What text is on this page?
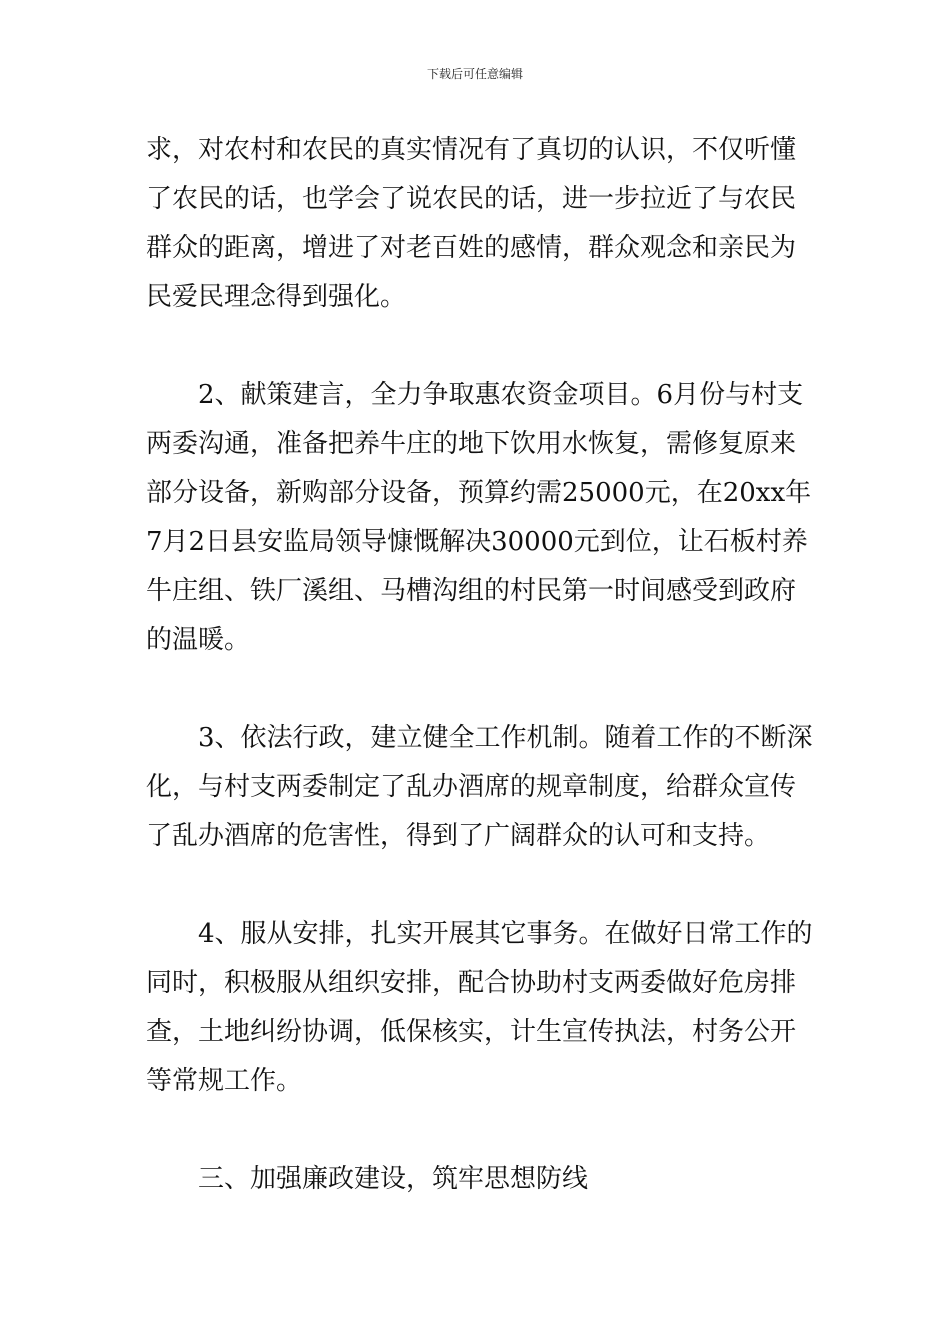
下载后可任意编辑
求，对农村和农民的真实情况有了真切的认识，不仅听懂
了农民的话，也学会了说农民的话，进一步拉近了与农民
群众的距离，增进了对老百姓的感情，群众观念和亲民为
民爱民理念得到强化。
2、献策建言，全力争取惠农资金项目。6月份与村支
两委沟通，准备把养牛庄的地下饮用水恢复，需修复原来
部分设备，新购部分设备，预算约需25000元，在20xx年
7月2日县安监局领导慷慨解决30000元到位，让石板村养
牛庄组、铁厂溪组、马槽沟组的村民第一时间感受到政府
的温暖。
3、依法行政，建立健全工作机制。随着工作的不断深
化，与村支两委制定了乱办酒席的规章制度，给群众宣传
了乱办酒席的危害性，得到了广阔群众的认可和支持。
4、服从安排，扎实开展其它事务。在做好日常工作的
同时，积极服从组织安排，配合协助村支两委做好危房排
查，土地纠纷协调，低保核实，计生宣传执法，村务公开
等常规工作。
三、加强廉政建设，筑牢思想防线
